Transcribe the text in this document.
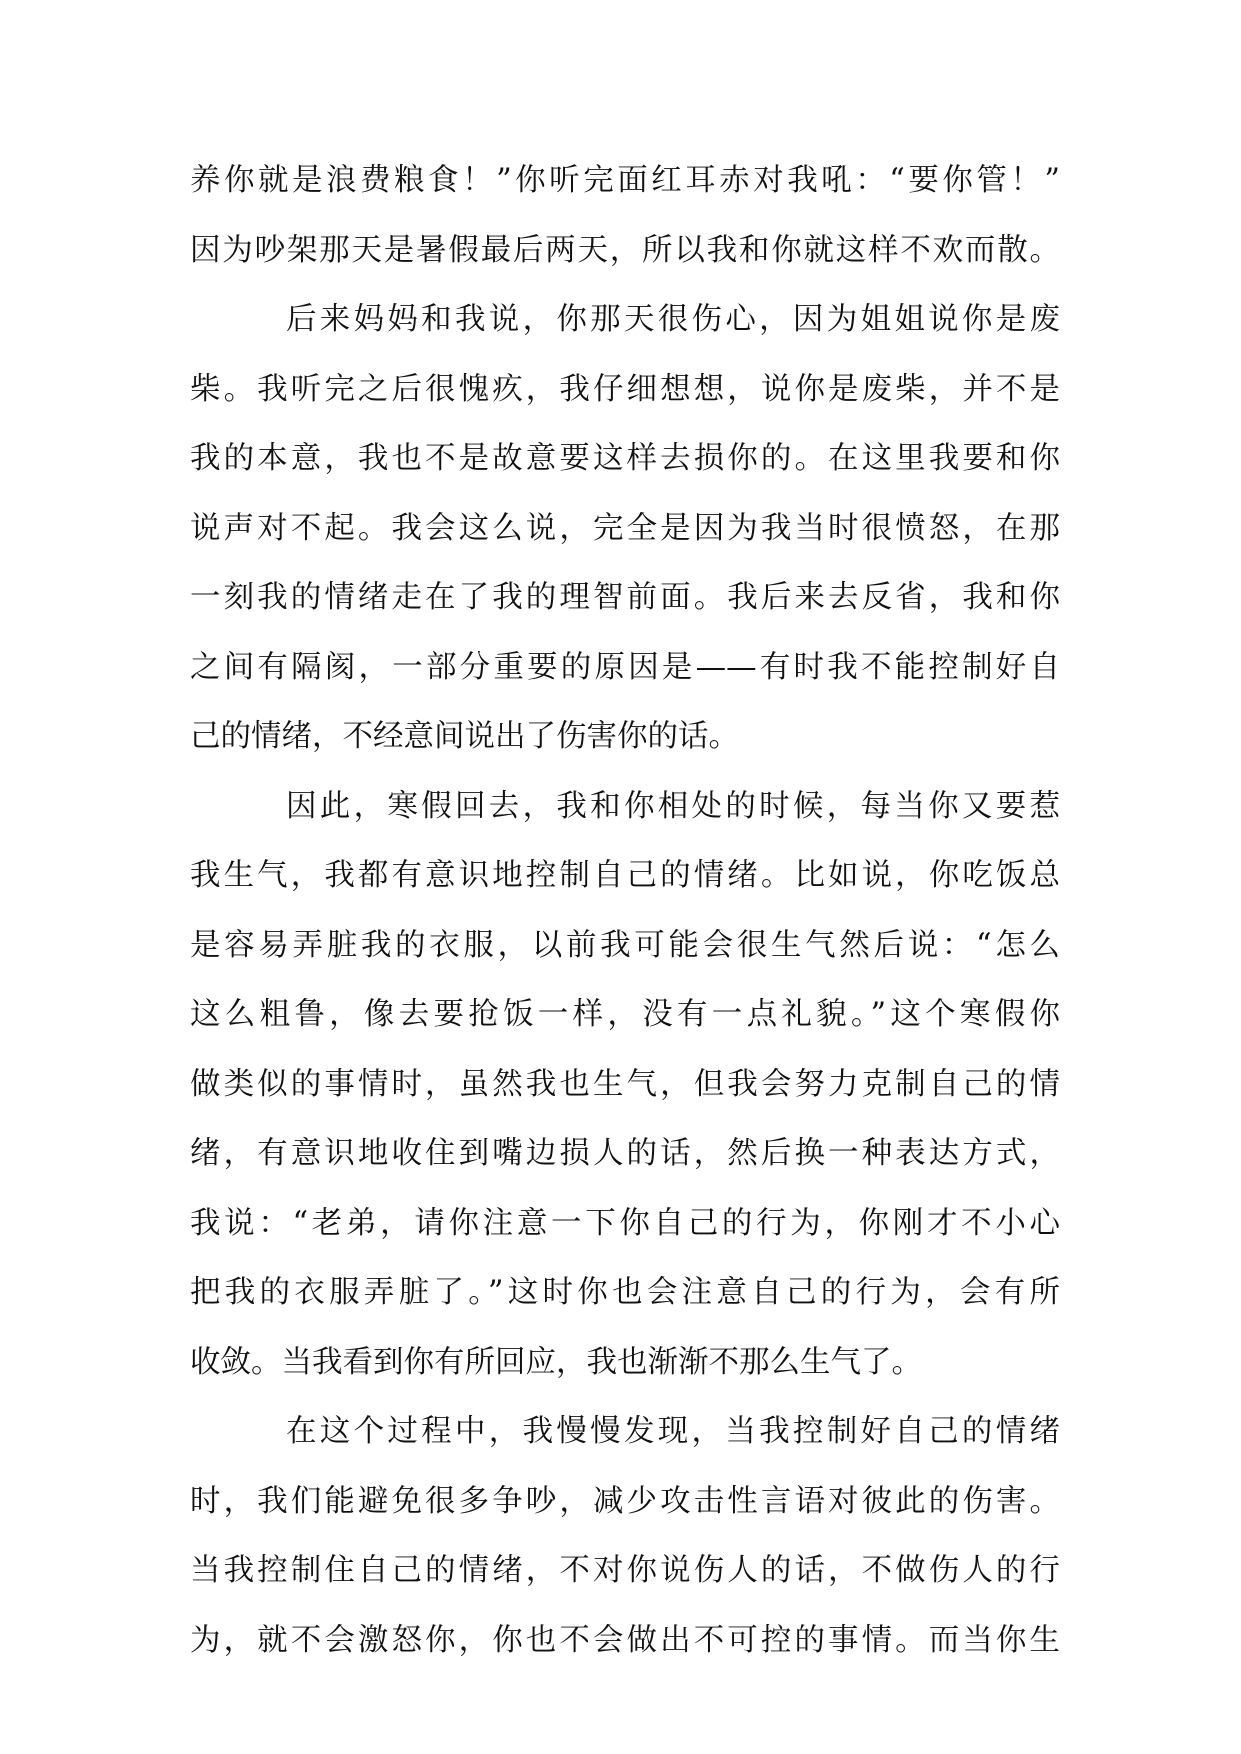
养你就是浪费粮食！”你听完面红耳赤对我吼：“要你管！”
因为吵架那天是暑假最后两天，所以我和你就这样不欢而散。
后来妈妈和我说，你那天很伤心，因为姐姐说你是废
柴。我听完之后很愧疚，我仔细想想，说你是废柴，并不是
我的本意，我也不是故意要这样去损你的。在这里我要和你
说声对不起。我会这么说，完全是因为我当时很愤怒，在那
一刻我的情绪走在了我的理智前面。我后来去反省，我和你
之间有隔阂，一部分重要的原因是——有时我不能控制好自
己的情绪，不经意间说出了伤害你的话。
因此，寒假回去，我和你相处的时候，每当你又要惹
我生气，我都有意识地控制自己的情绪。比如说，你吃饭总
是容易弄脏我的衣服，以前我可能会很生气然后说：“怎么
这么粗鲁，像去要抢饭一样，没有一点礼貌。”这个寒假你
做类似的事情时，虽然我也生气，但我会努力克制自己的情
绪，有意识地收住到嘴边损人的话，然后换一种表达方式，
我说：“老弟，请你注意一下你自己的行为，你刚才不小心
把我的衣服弄脏了。”这时你也会注意自己的行为，会有所
收敛。当我看到你有所回应，我也渐渐不那么生气了。
在这个过程中，我慢慢发现，当我控制好自己的情绪
时，我们能避免很多争吵，减少攻击性言语对彼此的伤害。
当我控制住自己的情绪，不对你说伤人的话，不做伤人的行
为，就不会激怒你，你也不会做出不可控的事情。而当你生
